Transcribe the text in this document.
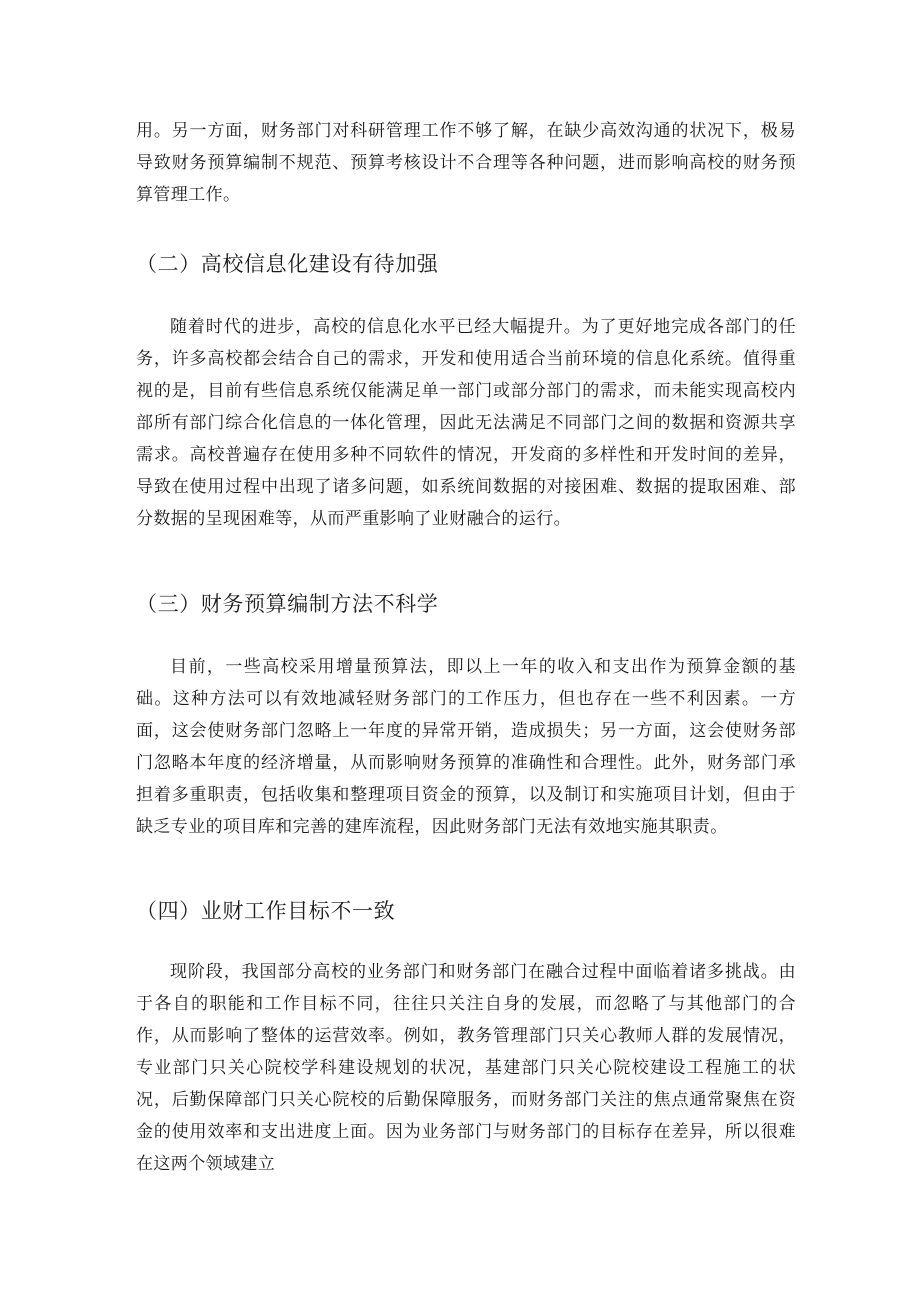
用。另一方面，财务部门对科研管理工作不够了解，在缺少高效沟通的状况下，极易导致财务预算编制不规范、预算考核设计不合理等各种问题，进而影响高校的财务预算管理工作。

（二）高校信息化建设有待加强

随着时代的进步，高校的信息化水平已经大幅提升。为了更好地完成各部门的任务，许多高校都会结合自己的需求，开发和使用适合当前环境的信息化系统。值得重视的是，目前有些信息系统仅能满足单一部门或部分部门的需求，而未能实现高校内部所有部门综合化信息的一体化管理，因此无法满足不同部门之间的数据和资源共享需求。高校普遍存在使用多种不同软件的情况，开发商的多样性和开发时间的差异，导致在使用过程中出现了诸多问题，如系统间数据的对接困难、数据的提取困难、部分数据的呈现困难等，从而严重影响了业财融合的运行。

（三）财务预算编制方法不科学

目前，一些高校采用增量预算法，即以上一年的收入和支出作为预算金额的基础。这种方法可以有效地减轻财务部门的工作压力，但也存在一些不利因素。一方面，这会使财务部门忽略上一年度的异常开销，造成损失；另一方面，这会使财务部门忽略本年度的经济增量，从而影响财务预算的准确性和合理性。此外，财务部门承担着多重职责，包括收集和整理项目资金的预算，以及制订和实施项目计划，但由于缺乏专业的项目库和完善的建库流程，因此财务部门无法有效地实施其职责。

（四）业财工作目标不一致

现阶段，我国部分高校的业务部门和财务部门在融合过程中面临着诸多挑战。由于各自的职能和工作目标不同，往往只关注自身的发展，而忽略了与其他部门的合作，从而影响了整体的运营效率。例如，教务管理部门只关心教师人群的发展情况，专业部门只关心院校学科建设规划的状况，基建部门只关心院校建设工程施工的状况，后勤保障部门只关心院校的后勤保障服务，而财务部门关注的焦点通常聚焦在资金的使用效率和支出进度上面。因为业务部门与财务部门的目标存在差异，所以很难在这两个领域建立
